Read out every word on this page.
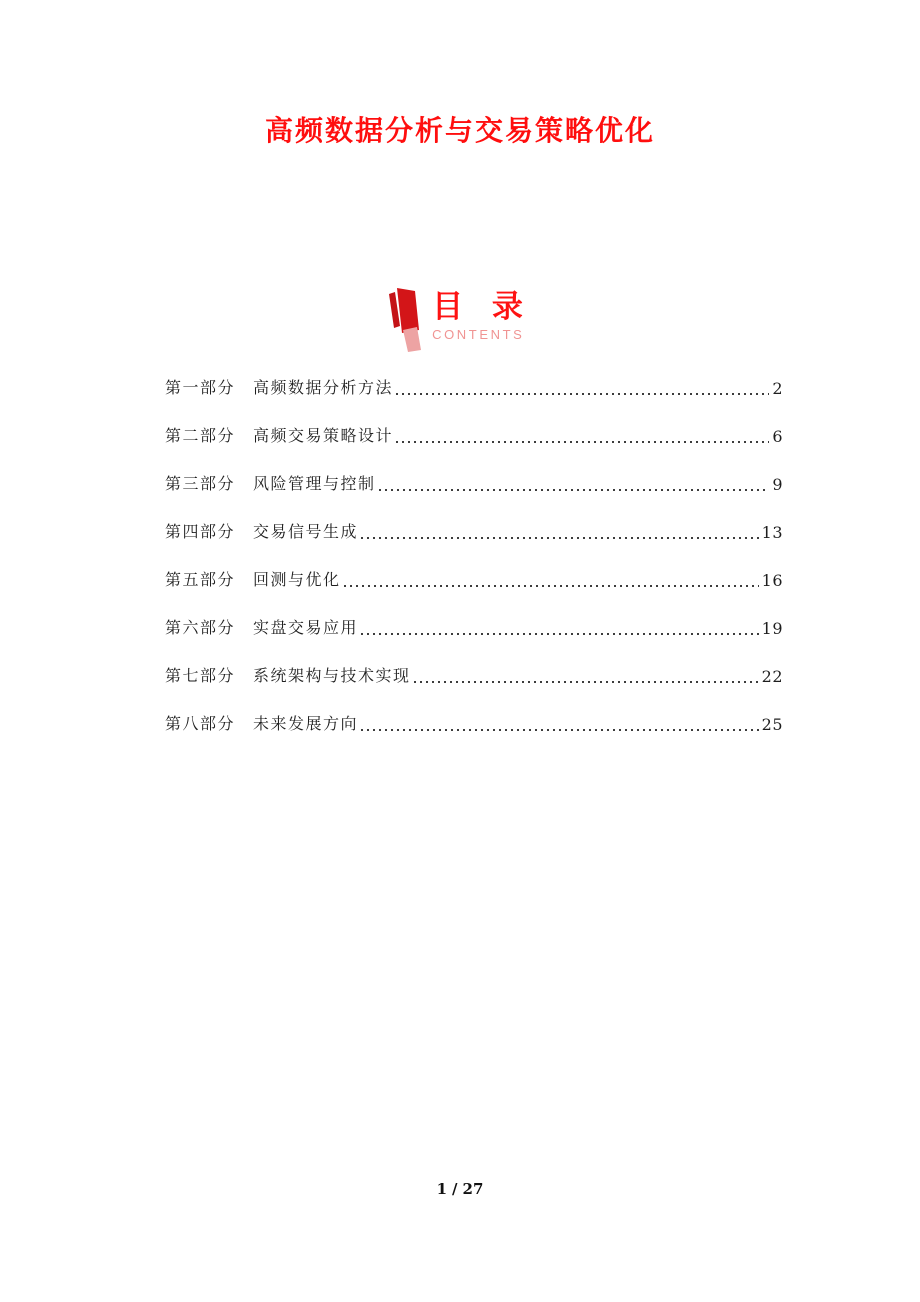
高频数据分析与交易策略优化
目 录
CONTENTS
第一部分 高频数据分析方法	2
第二部分 高频交易策略设计	6
第三部分 风险管理与控制	9
第四部分 交易信号生成	13
第五部分 回测与优化	16
第六部分 实盘交易应用	19
第七部分 系统架构与技术实现	22
第八部分 未来发展方向	25
1 / 27
